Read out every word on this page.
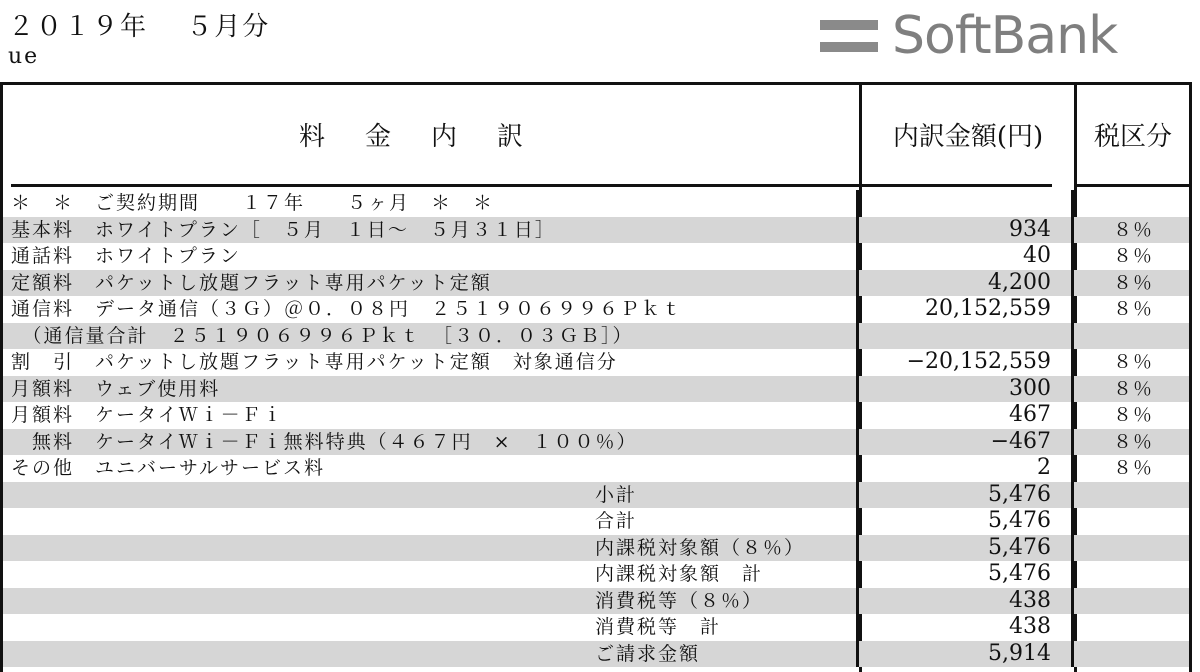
２０１９年　 ５月分
ue	SoftBank
料金内訳	内訳金額(円)	税区分
＊　＊　ご契約期間　　１７年　　５ヶ月　＊　＊
基本料　ホワイトプラン［　５月　１日～　５月３１日］	934	８％
通話料　ホワイトプラン	40	８％
定額料　パケットし放題フラット専用パケット定額	4,200	８％
通信料　データ通信（３Ｇ）＠０．０８円　２５１９０６９９６Ｐｋｔ	20,152,559	８％
　（通信量合計　２５１９０６９９６Ｐｋｔ　［３０．０３ＧＢ］）
割　引　パケットし放題フラット専用パケット定額　対象通信分	−20,152,559	８％
月額料　ウェブ使用料	300	８％
月額料　ケータイＷｉ－Ｆｉ	467	８％
　無料　ケータイＷｉ－Ｆｉ無料特典（４６７円　×　１００％）	−467	８％
その他　ユニバーサルサービス料	2	８％
小計	5,476
合計	5,476
内課税対象額（８％）	5,476
内課税対象額　計	5,476
消費税等（８％）	438
消費税等　計	438
ご請求金額	5,914
